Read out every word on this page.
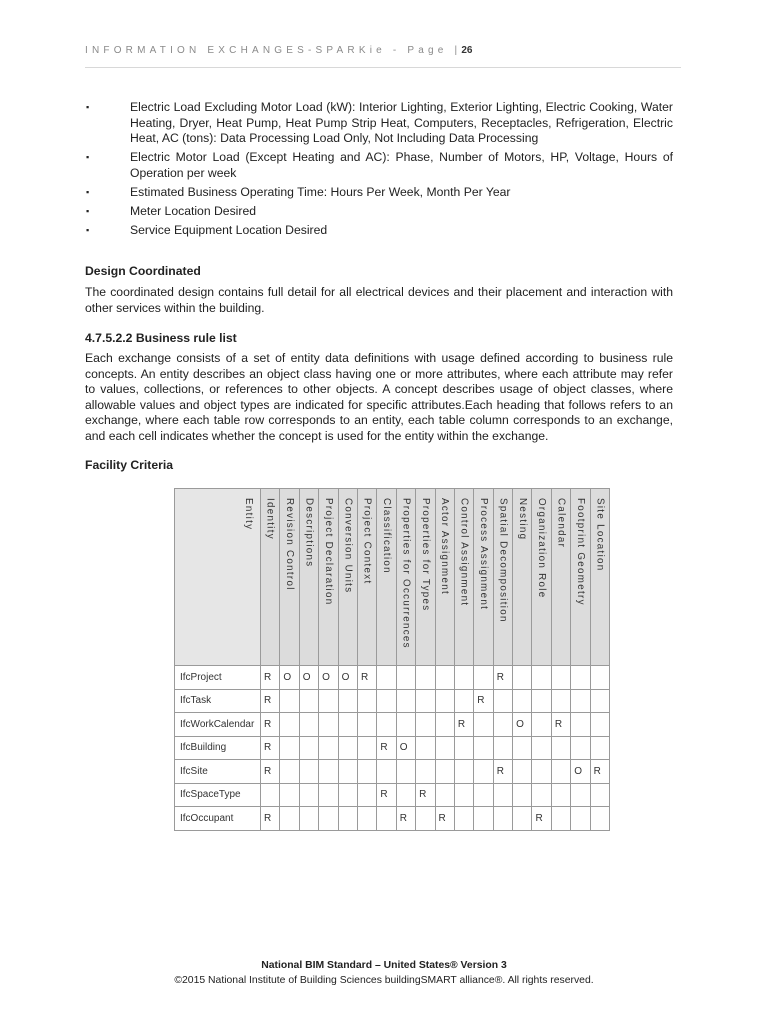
INFORMATION EXCHANGES-SPARKie - Page |26
▪	Electric Load Excluding Motor Load (kW): Interior Lighting, Exterior Lighting, Electric Cooking, Water Heating, Dryer, Heat Pump, Heat Pump Strip Heat, Computers, Receptacles, Refrigeration, Electric Heat, AC (tons): Data Processing Load Only, Not Including Data Processing
▪	Electric Motor Load (Except Heating and AC): Phase, Number of Motors, HP, Voltage, Hours of Operation per week
▪	Estimated Business Operating Time: Hours Per Week, Month Per Year
▪	Meter Location Desired
▪	Service Equipment Location Desired
Design Coordinated

The coordinated design contains full detail for all electrical devices and their placement and interaction with other services within the building.

4.7.5.2.2 Business rule list

Each exchange consists of a set of entity data definitions with usage defined according to business rule concepts. An entity describes an object class having one or more attributes, where each attribute may refer to values, collections, or references to other objects. A concept describes usage of object classes, where allowable values and object types are indicated for specific attributes.Each heading that follows refers to an exchange, where each table row corresponds to an entity, each table column corresponds to an exchange, and each cell indicates whether the concept is used for the entity within the exchange.

Facility Criteria
Entity	Identity	Revision Control	Descriptions	Project Declaration	Conversion Units	Project Context	Classification	Properties for Occurrences	Properties for Types	Actor Assignment	Control Assignment	Process Assignment	Spatial Decomposition	Nesting	Organization Role	Calendar	Footprint Geometry	Site Location

IfcProject	R	O	O	O	O	R							R					
IfcTask	R											R						
IfcWorkCalendar	R										R			O		R		
IfcBuilding	R						R	O										
IfcSite	R												R				O	R
IfcSpaceType							R		R									
IfcOccupant	R							R		R					R			
National BIM Standard – United States® Version 3
©2015 National Institute of Building Sciences buildingSMART alliance®. All rights reserved.
